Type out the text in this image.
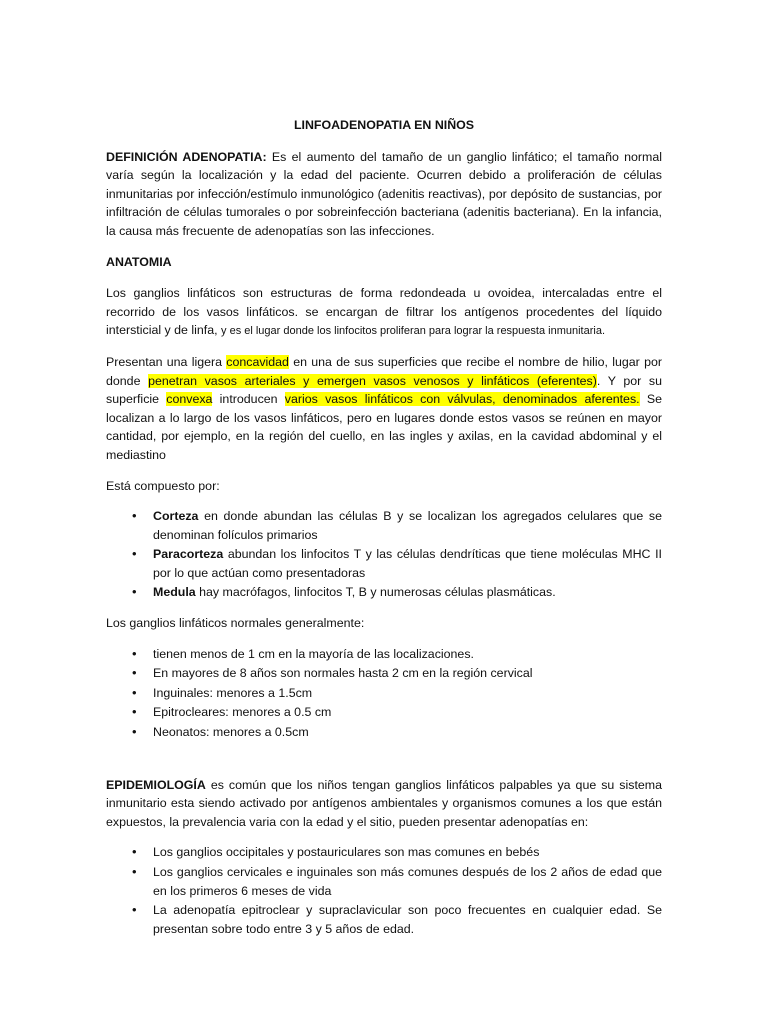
LINFOADENOPATIA EN NIÑOS

DEFINICIÓN ADENOPATIA: Es el aumento del tamaño de un ganglio linfático; el tamaño normal varía según la localización y la edad del paciente. Ocurren debido a proliferación de células inmunitarias por infección/estímulo inmunológico (adenitis reactivas), por depósito de sustancias, por infiltración de células tumorales o por sobreinfección bacteriana (adenitis bacteriana). En la infancia, la causa más frecuente de adenopatías son las infecciones.

ANATOMIA

Los ganglios linfáticos son estructuras de forma redondeada u ovoidea, intercaladas entre el recorrido de los vasos linfáticos. se encargan de filtrar los antígenos procedentes del líquido intersticial y de linfa, y es el lugar donde los linfocitos proliferan para lograr la respuesta inmunitaria.

Presentan una ligera concavidad en una de sus superficies que recibe el nombre de hilio, lugar por donde penetran vasos arteriales y emergen vasos venosos y linfáticos (eferentes). Y por su superficie convexa introducen varios vasos linfáticos con válvulas, denominados aferentes. Se localizan a lo largo de los vasos linfáticos, pero en lugares donde estos vasos se reúnen en mayor cantidad, por ejemplo, en la región del cuello, en las ingles y axilas, en la cavidad abdominal y el mediastino

Está compuesto por:

• Corteza en donde abundan las células B y se localizan los agregados celulares que se denominan folículos primarios
• Paracorteza abundan los linfocitos T y las células dendríticas que tiene moléculas MHC II por lo que actúan como presentadoras
• Medula hay macrófagos, linfocitos T, B y numerosas células plasmáticas.

Los ganglios linfáticos normales generalmente:

• tienen menos de 1 cm en la mayoría de las localizaciones.
• En mayores de 8 años son normales hasta 2 cm en la región cervical
• Inguinales: menores a 1.5cm
• Epitrocleares: menores a 0.5 cm
• Neonatos: menores a 0.5cm

EPIDEMIOLOGÍA es común que los niños tengan ganglios linfáticos palpables ya que su sistema inmunitario esta siendo activado por antígenos ambientales y organismos comunes a los que están expuestos, la prevalencia varia con la edad y el sitio, pueden presentar adenopatías en:

• Los ganglios occipitales y postauriculares son mas comunes en bebés
• Los ganglios cervicales e inguinales son más comunes después de los 2 años de edad que en los primeros 6 meses de vida
• La adenopatía epitroclear y supraclavicular son poco frecuentes en cualquier edad. Se presentan sobre todo entre 3 y 5 años de edad.
